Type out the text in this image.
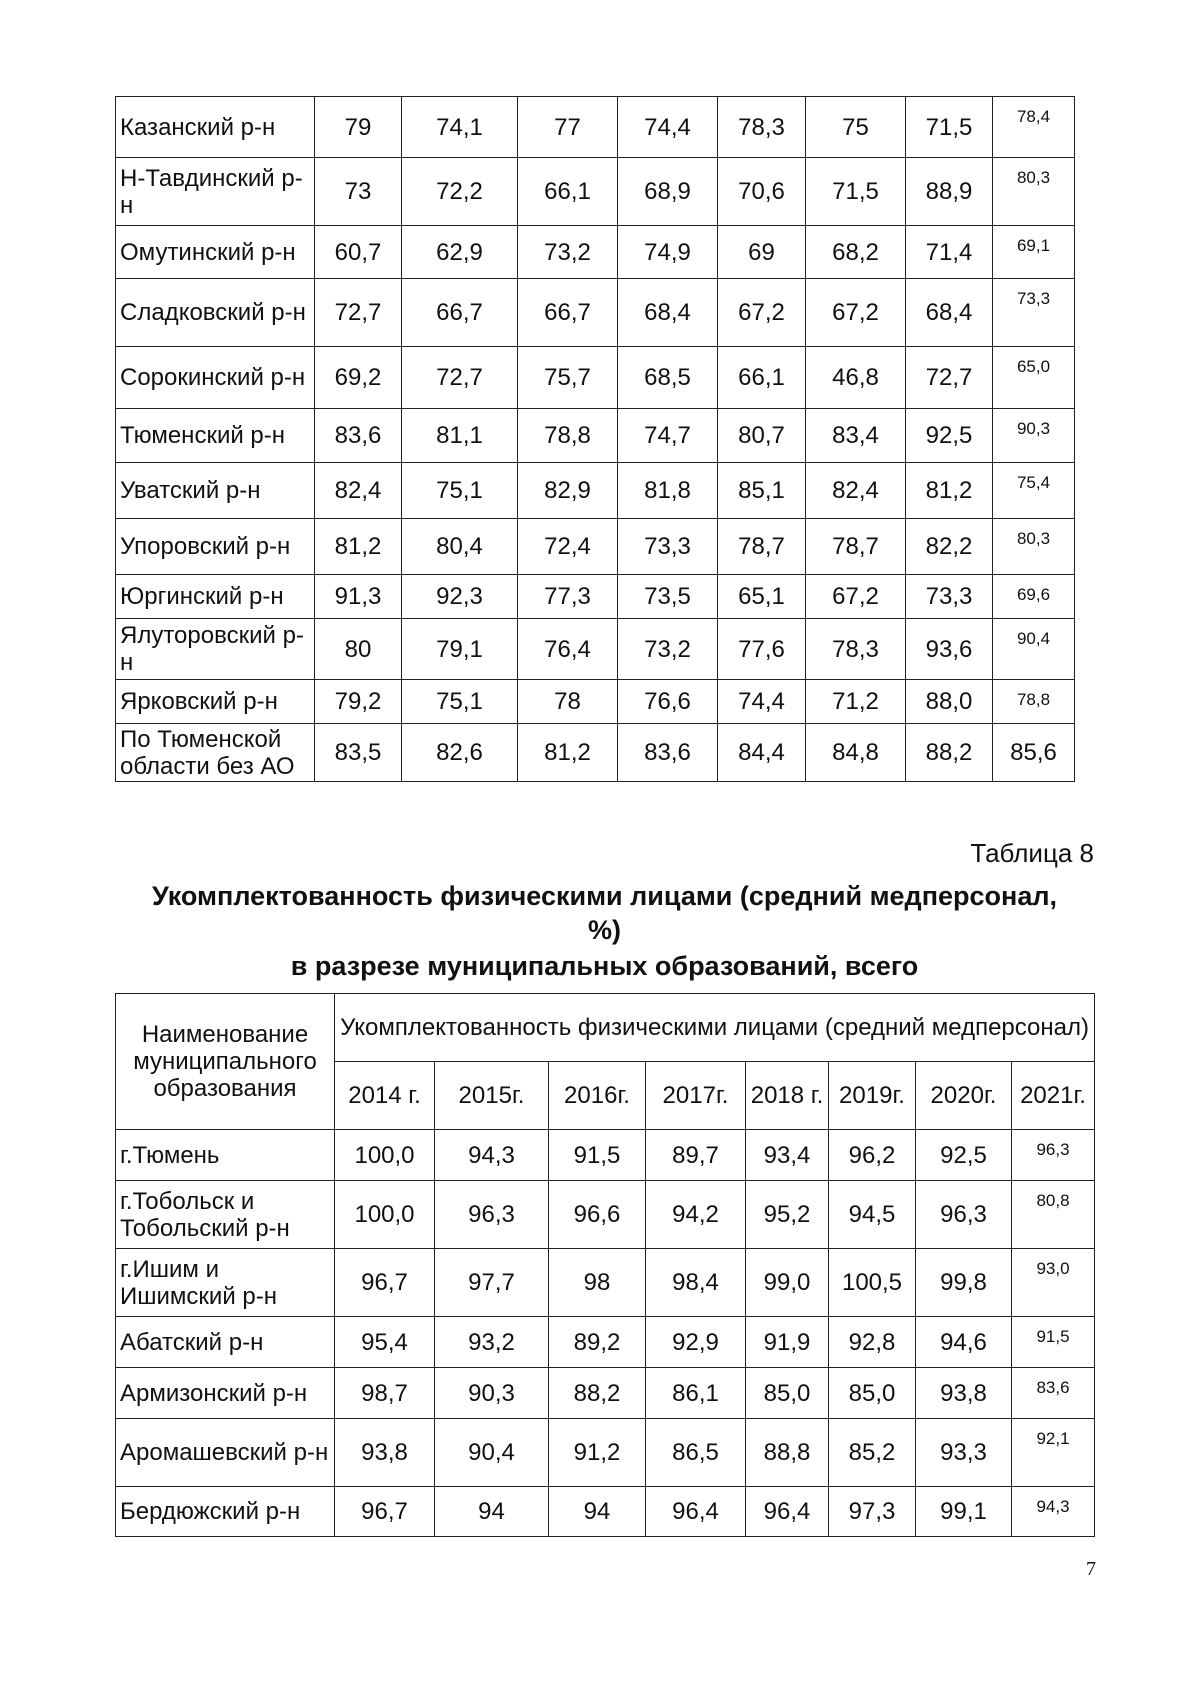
Казанский р-н	79	74,1	77	74,4	78,3	75	71,5	78,4
Н-Тавдинский р-н	73	72,2	66,1	68,9	70,6	71,5	88,9	80,3
Омутинский р-н	60,7	62,9	73,2	74,9	69	68,2	71,4	69,1
Сладковский р-н	72,7	66,7	66,7	68,4	67,2	67,2	68,4	73,3
Сорокинский р-н	69,2	72,7	75,7	68,5	66,1	46,8	72,7	65,0
Тюменский р-н	83,6	81,1	78,8	74,7	80,7	83,4	92,5	90,3
Уватский р-н	82,4	75,1	82,9	81,8	85,1	82,4	81,2	75,4
Упоровский р-н	81,2	80,4	72,4	73,3	78,7	78,7	82,2	80,3
Юргинский р-н	91,3	92,3	77,3	73,5	65,1	67,2	73,3	69,6
Ялуторовский р-н	80	79,1	76,4	73,2	77,6	78,3	93,6	90,4
Ярковский р-н	79,2	75,1	78	76,6	74,4	71,2	88,0	78,8
По Тюменской области без АО	83,5	82,6	81,2	83,6	84,4	84,8	88,2	85,6
Таблица 8
Укомплектованность физическими лицами (средний медперсонал,
%)
в разрезе муниципальных образований, всего
Наименование муниципального образования	Укомплектованность физическими лицами (средний медперсонал)							
	2014 г.	2015г.	2016г.	2017г.	2018 г.	2019г.	2020г.	2021г.
г.Тюмень	100,0	94,3	91,5	89,7	93,4	96,2	92,5	96,3
г.Тобольск и Тобольский р-н	100,0	96,3	96,6	94,2	95,2	94,5	96,3	80,8
г.Ишим и Ишимский р-н	96,7	97,7	98	98,4	99,0	100,5	99,8	93,0
Абатский р-н	95,4	93,2	89,2	92,9	91,9	92,8	94,6	91,5
Армизонский р-н	98,7	90,3	88,2	86,1	85,0	85,0	93,8	83,6
Аромашевский р-н	93,8	90,4	91,2	86,5	88,8	85,2	93,3	92,1
Бердюжский р-н	96,7	94	94	96,4	96,4	97,3	99,1	94,3
7
